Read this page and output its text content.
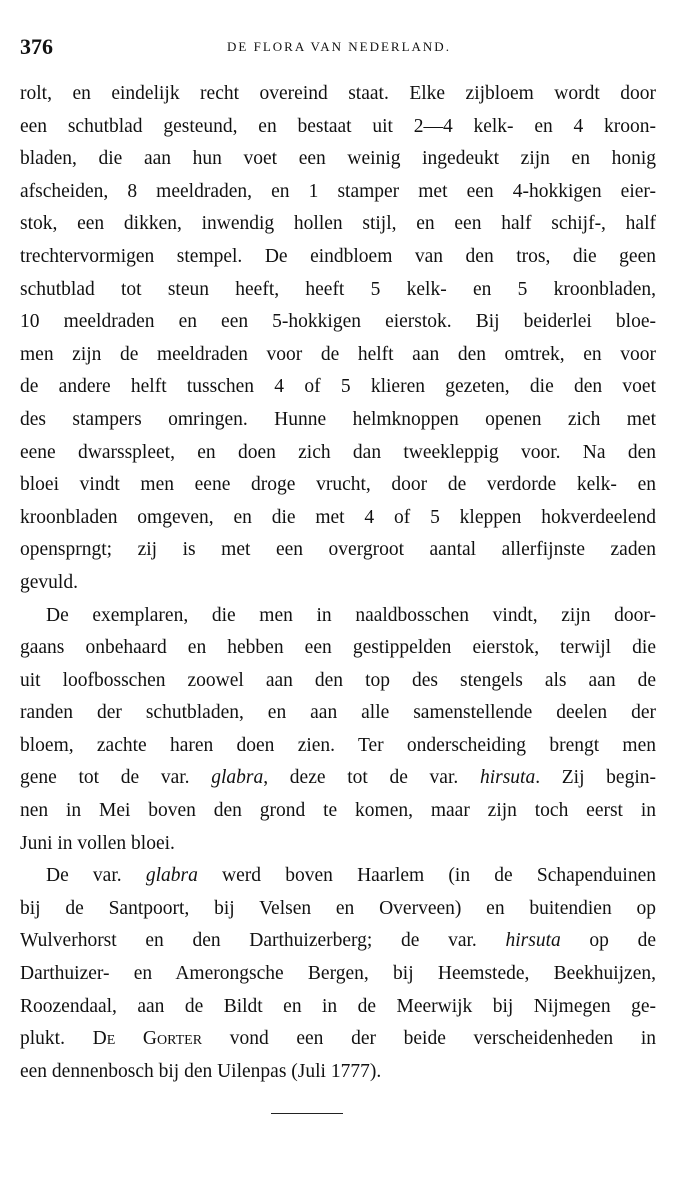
376	DE FLORA VAN NEDERLAND.

rolt, en eindelijk recht overeind staat. Elke zijbloem wordt door
een schutblad gesteund, en bestaat uit 2—4 kelk- en 4 kroon-
bladen, die aan hun voet een weinig ingedeukt zijn en honig
afscheiden, 8 meeldraden, en 1 stamper met een 4-hokkigen eier-
stok, een dikken, inwendig hollen stijl, en een half schijf-, half
trechtervormigen stempel. De eindbloem van den tros, die geen
schutblad tot steun heeft, heeft 5 kelk- en 5 kroonbladen,
10 meeldraden en een 5-hokkigen eierstok. Bij beiderlei bloe-
men zijn de meeldraden voor de helft aan den omtrek, en voor
de andere helft tusschen 4 of 5 klieren gezeten, die den voet
des stampers omringen. Hunne helmknoppen openen zich met
eene dwarsspleet, en doen zich dan tweekleppig voor. Na den
bloei vindt men eene droge vrucht, door de verdorde kelk- en
kroonbladen omgeven, en die met 4 of 5 kleppen hokverdeelend
opensprngt; zij is met een overgroot aantal allerfijnste zaden
gevuld.

De exemplaren, die men in naaldbosschen vindt, zijn door-
gaans onbehaard en hebben een gestippelden eierstok, terwijl die
uit loofbosschen zoowel aan den top des stengels als aan de
randen der schutbladen, en aan alle samenstellende deelen der
bloem, zachte haren doen zien. Ter onderscheiding brengt men
gene tot de var. glabra, deze tot de var. hirsuta. Zij begin-
nen in Mei boven den grond te komen, maar zijn toch eerst in
Juni in vollen bloei.

De var. glabra werd boven Haarlem (in de Schapenduinen
bij de Santpoort, bij Velsen en Overveen) en buitendien op
Wulverhorst en den Darthuizerberg; de var. hirsuta op de
Darthuizer- en Amerongsche Bergen, bij Heemstede, Beekhuijzen,
Roozendaal, aan de Bildt en in de Meerwijk bij Nijmegen ge-
plukt. De Gorter vond een der beide verscheidenheden in
een dennenbosch bij den Uilenpas (Juli 1777).
